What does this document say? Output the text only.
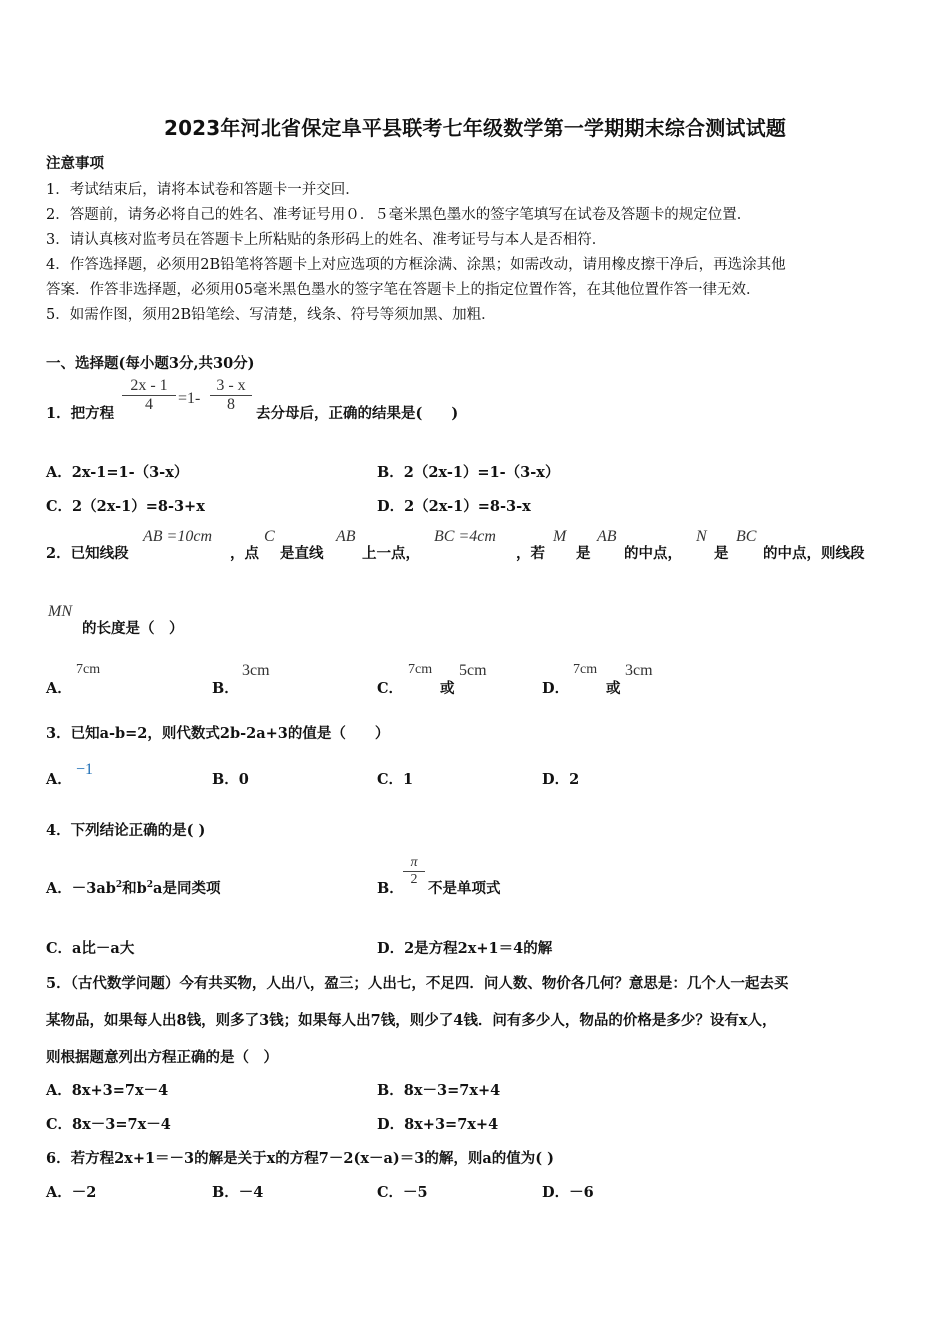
2023年河北省保定阜平县联考七年级数学第一学期期末综合测试试题
注意事项
1．考试结束后，请将本试卷和答题卡一并交回．
2．答题前，请务必将自己的姓名、准考证号用０．５毫米黑色墨水的签字笔填写在试卷及答题卡的规定位置．
3．请认真核对监考员在答题卡上所粘贴的条形码上的姓名、准考证号与本人是否相符．
4．作答选择题，必须用2B铅笔将答题卡上对应选项的方框涂满、涂黑；如需改动，请用橡皮擦干净后，再选涂其他
答案．作答非选择题，必须用05毫米黑色墨水的签字笔在答题卡上的指定位置作答，在其他位置作答一律无效．
5．如需作图，须用2B铅笔绘、写清楚，线条、符号等须加黑、加粗．
一、选择题(每小题3分,共30分)
1．把方程 $\frac{2x - 1}{4} =1- \frac{3 - x}{8}$ 去分母后，正确的结果是(　　)
A．2x-1=1-（3-x）	B．2（2x-1）=1-（3-x）
C．2（2x-1）=8-3+x	D．2（2x-1）=8-3-x
2．已知线段
AB =10cm
，点
C
是直线
AB
上一点，
BC =4cm
，若
M
是
AB
的中点，
N
是
BC
的中点，则线段
MN
的长度是（　）
A．
7cm
B．
3cm
C．
7cm
或
5cm
D．
7cm
或
3cm
3．已知a-b=2，则代数式2b-2a+3的值是（　　）
A．
−1
B．0	C．1	D．2
4．下列结论正确的是( )
A．$-3ab^2$和$b^2a$是同类项	B．
$\frac{\pi}{2}$
不是单项式
C．a比－a大	D．2是方程2x+1＝4的解
5．（古代数学问题）今有共买物，人出八，盈三；人出七，不足四．问人数、物价各几何？意思是：几个人一起去买
某物品，如果每人出8钱，则多了3钱；如果每人出7钱，则少了4钱．问有多少人，物品的价格是多少？设有x人，
则根据题意列出方程正确的是（　）
A．8x+3=7x－4	B．8x－3=7x+4
C．8x－3=7x－4	D．8x+3=7x+4
6．若方程2x+1＝－3的解是关于x的方程7－2(x－a)＝3的解，则a的值为( )
A．－2	B．－4	C．－5	D．－6
